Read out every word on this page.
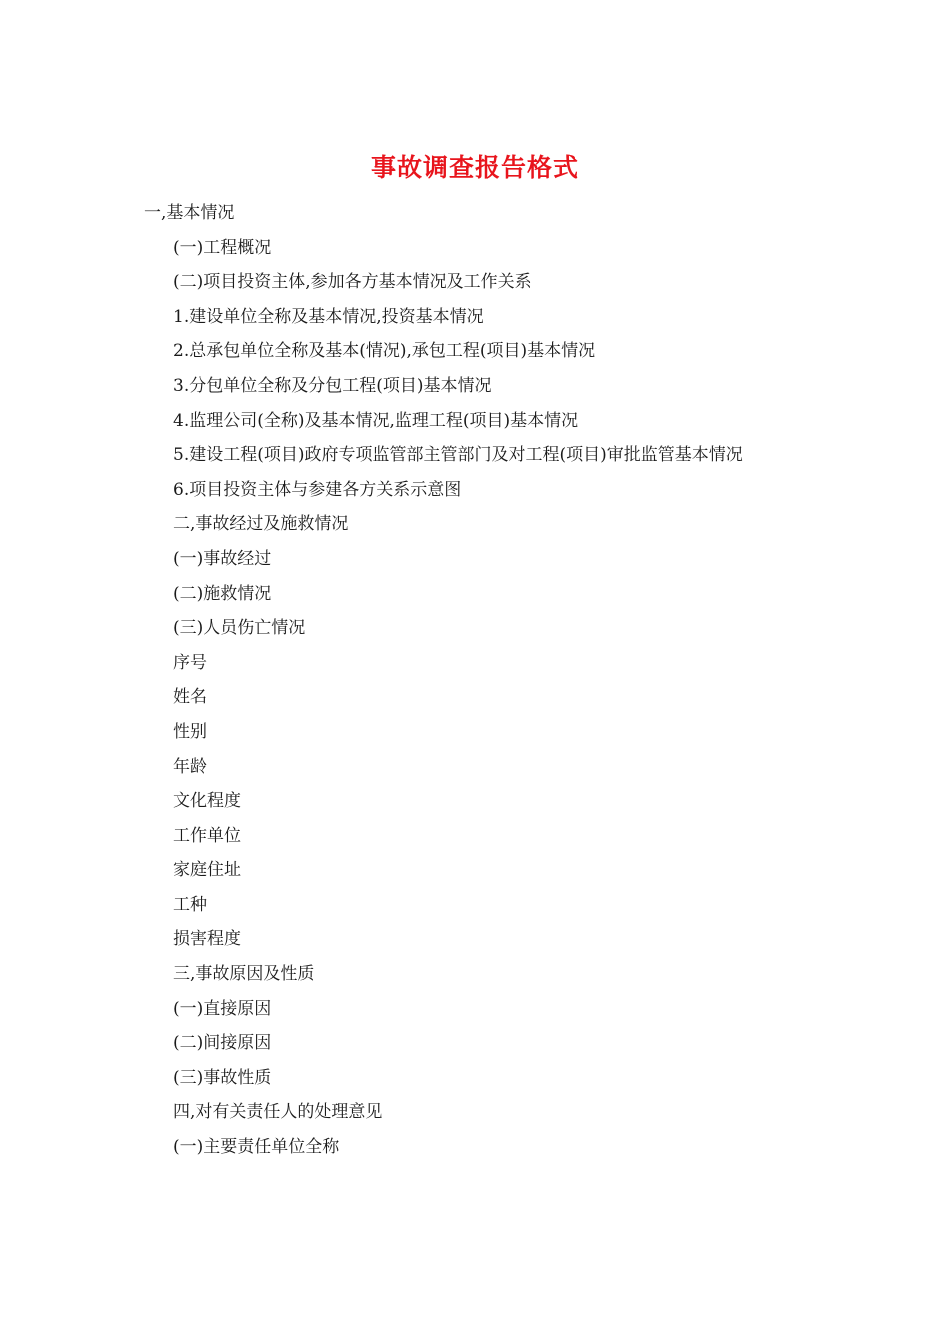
事故调查报告格式
一,基本情况
(一)工程概况
(二)项目投资主体,参加各方基本情况及工作关系
1.建设单位全称及基本情况,投资基本情况
2.总承包单位全称及基本(情况),承包工程(项目)基本情况
3.分包单位全称及分包工程(项目)基本情况
4.监理公司(全称)及基本情况,监理工程(项目)基本情况
5.建设工程(项目)政府专项监管部主管部门及对工程(项目)审批监管基本情况
6.项目投资主体与参建各方关系示意图
二,事故经过及施救情况
(一)事故经过
(二)施救情况
(三)人员伤亡情况
序号
姓名
性别
年龄
文化程度
工作单位
家庭住址
工种
损害程度
三,事故原因及性质
(一)直接原因
(二)间接原因
(三)事故性质
四,对有关责任人的处理意见
(一)主要责任单位全称
